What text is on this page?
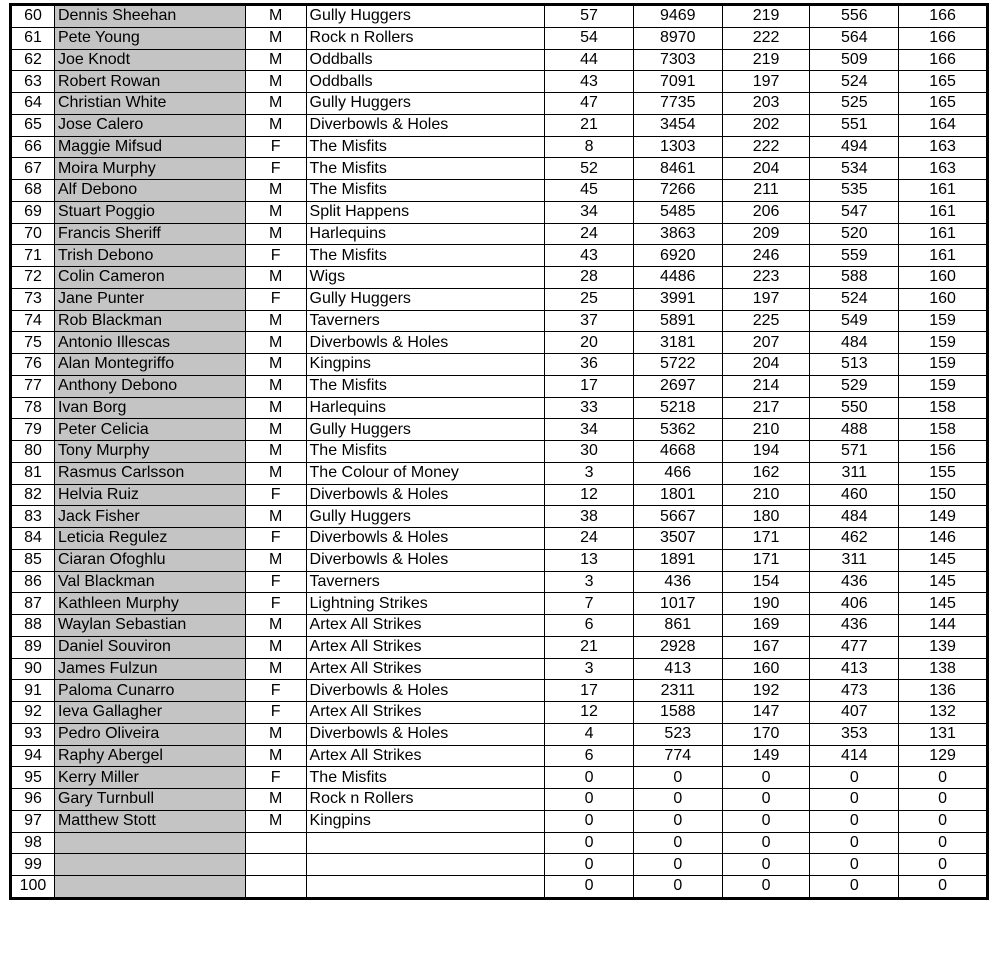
60	Dennis Sheehan	M	Gully Huggers	57	9469	219	556	166
61	Pete Young	M	Rock n Rollers	54	8970	222	564	166
62	Joe Knodt	M	Oddballs	44	7303	219	509	166
63	Robert Rowan	M	Oddballs	43	7091	197	524	165
64	Christian White	M	Gully Huggers	47	7735	203	525	165
65	Jose Calero	M	Diverbowls & Holes	21	3454	202	551	164
66	Maggie Mifsud	F	The Misfits	8	1303	222	494	163
67	Moira Murphy	F	The Misfits	52	8461	204	534	163
68	Alf Debono	M	The Misfits	45	7266	211	535	161
69	Stuart Poggio	M	Split Happens	34	5485	206	547	161
70	Francis Sheriff	M	Harlequins	24	3863	209	520	161
71	Trish Debono	F	The Misfits	43	6920	246	559	161
72	Colin Cameron	M	Wigs	28	4486	223	588	160
73	Jane Punter	F	Gully Huggers	25	3991	197	524	160
74	Rob Blackman	M	Taverners	37	5891	225	549	159
75	Antonio Illescas	M	Diverbowls & Holes	20	3181	207	484	159
76	Alan Montegriffo	M	Kingpins	36	5722	204	513	159
77	Anthony Debono	M	The Misfits	17	2697	214	529	159
78	Ivan Borg	M	Harlequins	33	5218	217	550	158
79	Peter Celicia	M	Gully Huggers	34	5362	210	488	158
80	Tony Murphy	M	The Misfits	30	4668	194	571	156
81	Rasmus Carlsson	M	The Colour of Money	3	466	162	311	155
82	Helvia Ruiz	F	Diverbowls & Holes	12	1801	210	460	150
83	Jack Fisher	M	Gully Huggers	38	5667	180	484	149
84	Leticia Regulez	F	Diverbowls & Holes	24	3507	171	462	146
85	Ciaran Ofoghlu	M	Diverbowls & Holes	13	1891	171	311	145
86	Val Blackman	F	Taverners	3	436	154	436	145
87	Kathleen Murphy	F	Lightning Strikes	7	1017	190	406	145
88	Waylan Sebastian	M	Artex All Strikes	6	861	169	436	144
89	Daniel Souviron	M	Artex All Strikes	21	2928	167	477	139
90	James Fulzun	M	Artex All Strikes	3	413	160	413	138
91	Paloma Cunarro	F	Diverbowls & Holes	17	2311	192	473	136
92	Ieva Gallagher	F	Artex All Strikes	12	1588	147	407	132
93	Pedro Oliveira	M	Diverbowls & Holes	4	523	170	353	131
94	Raphy Abergel	M	Artex All Strikes	6	774	149	414	129
95	Kerry Miller	F	The Misfits	0	0	0	0	0
96	Gary Turnbull	M	Rock n Rollers	0	0	0	0	0
97	Matthew Stott	M	Kingpins	0	0	0	0	0
98				0	0	0	0	0
99				0	0	0	0	0
100				0	0	0	0	0
